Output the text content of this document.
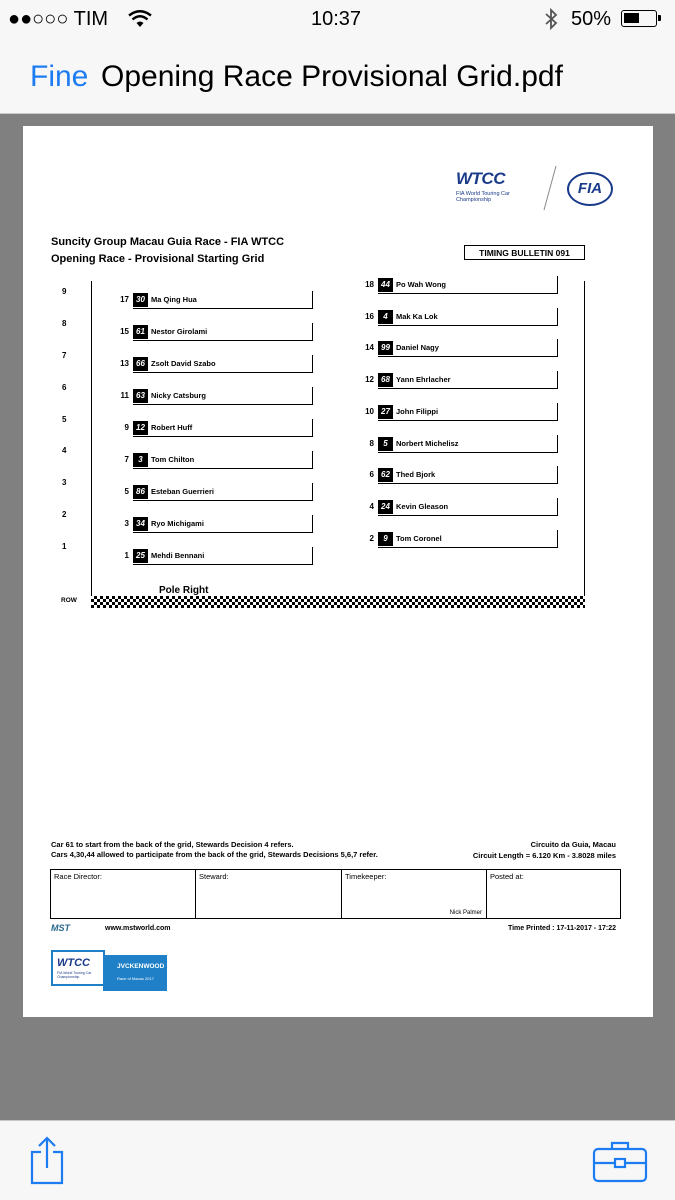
●●○○○ TIM	10:37	50%
Fine Opening Race Provisional Grid.pdf
WTCC
FIA World Touring Car Championship
FIA
Suncity Group Macau Guia Race - FIA WTCC
Opening Race - Provisional Starting Grid	TIMING BULLETIN 091
9
8
7
6
5
4
3
2
1
17 30 Ma Qing Hua
15 61 Nestor Girolami
13 66 Zsolt David Szabo
11 63 Nicky Catsburg
9 12 Robert Huff
7	3	Tom Chilton
5 86 Esteban Guerrieri
3 34 Ryo Michigami
1 25 Mehdi Bennani
18 44 Po Wah Wong
16	4	Mak Ka Lok
14 99 Daniel Nagy
12 68 Yann Ehrlacher
10 27 John Filippi
8	5	Norbert Michelisz
6 62 Thed Bjork
4 24 Kevin Gleason
2	9	Tom Coronel
Pole Right
ROW
Car 61 to start from the back of the grid, Stewards Decision 4 refers.
Cars 4,30,44 allowed to participate from the back of the grid, Stewards Decisions 5,6,7 refer.
Circuito da Guia, Macau
Circuit Length = 6.120 Km - 3.8028 miles
Race Director:	Steward:	Timekeeper:
Nick Palmer
Posted at:
MST	www.mstworld.com	Time Printed : 17-11-2017 - 17:22
WTCC
FIA World Touring Car Championship
JVCKENWOOD
Race of Macau 2017
